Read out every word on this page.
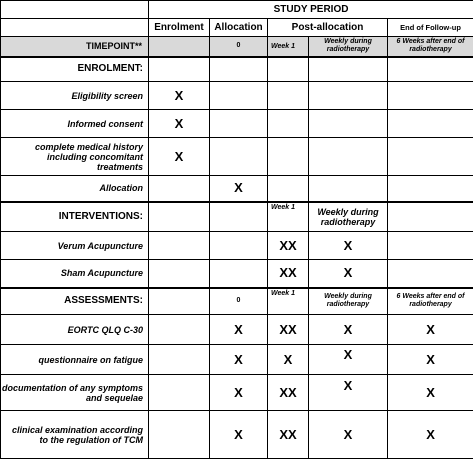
	STUDY PERIOD				
	Enrolment	Allocation	Post-allocation		End of Follow-up
TIMEPOINT**		0	Week 1	Weekly during radiotherapy	6 Weeks after end of radiotherapy
ENROLMENT:					
Eligibility screen	X				
Informed consent	X				
complete medical history including concomitant treatments	X				
Allocation		X			
INTERVENTIONS:			Week 1	Weekly during radiotherapy	
Verum Acupuncture			XX	X	
Sham Acupuncture			XX	X	
ASSESSMENTS:		0	Week 1	Weekly during radiotherapy	6 Weeks after end of radiotherapy
EORTC QLQ C-30		X	XX	X	X
questionnaire on fatigue		X	X	X	X
documentation of any symptoms and sequelae		X	XX	X	X
clinical examination according to the regulation of TCM		X	XX	X	X
